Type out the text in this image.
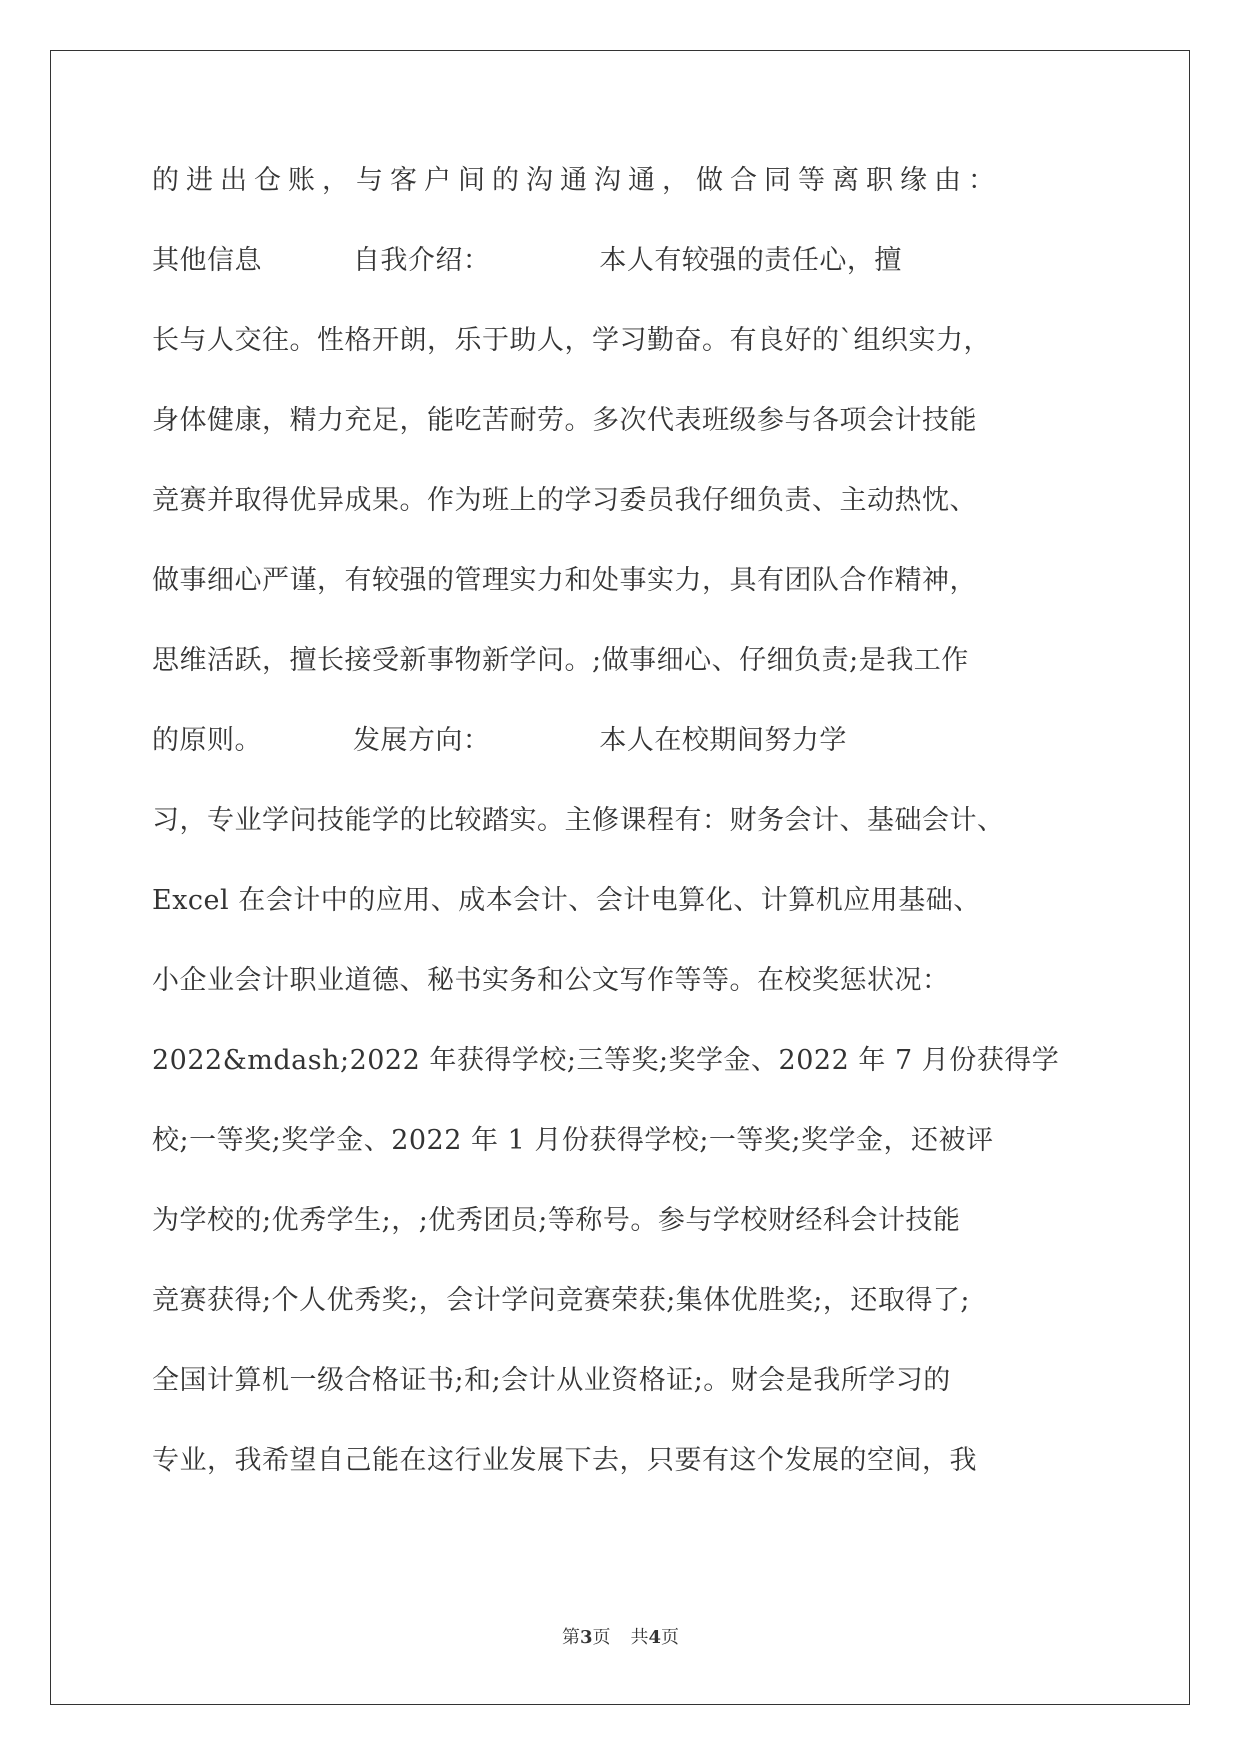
的进出仓账，与客户间的沟通沟通，做合同等离职缘由：
其他信息          自我介绍：            本人有较强的责任心，擅
长与人交往。性格开朗，乐于助人，学习勤奋。有良好的`组织实力，
身体健康，精力充足，能吃苦耐劳。多次代表班级参与各项会计技能
竞赛并取得优异成果。作为班上的学习委员我仔细负责、主动热忱、
做事细心严谨，有较强的管理实力和处事实力，具有团队合作精神，
思维活跃，擅长接受新事物新学问。;做事细心、仔细负责;是我工作
的原则。          发展方向：            本人在校期间努力学
习，专业学问技能学的比较踏实。主修课程有：财务会计、基础会计、
Excel 在会计中的应用、成本会计、会计电算化、计算机应用基础、
小企业会计职业道德、秘书实务和公文写作等等。在校奖惩状况：
2022&mdash;2022 年获得学校;三等奖;奖学金、2022 年 7 月份获得学
校;一等奖;奖学金、2022 年 1 月份获得学校;一等奖;奖学金，还被评
为学校的;优秀学生;，;优秀团员;等称号。参与学校财经科会计技能
竞赛获得;个人优秀奖;，会计学问竞赛荣获;集体优胜奖;，还取得了;
全国计算机一级合格证书;和;会计从业资格证;。财会是我所学习的
专业，我希望自己能在这行业发展下去，只要有这个发展的空间，我
第3页 共4页
